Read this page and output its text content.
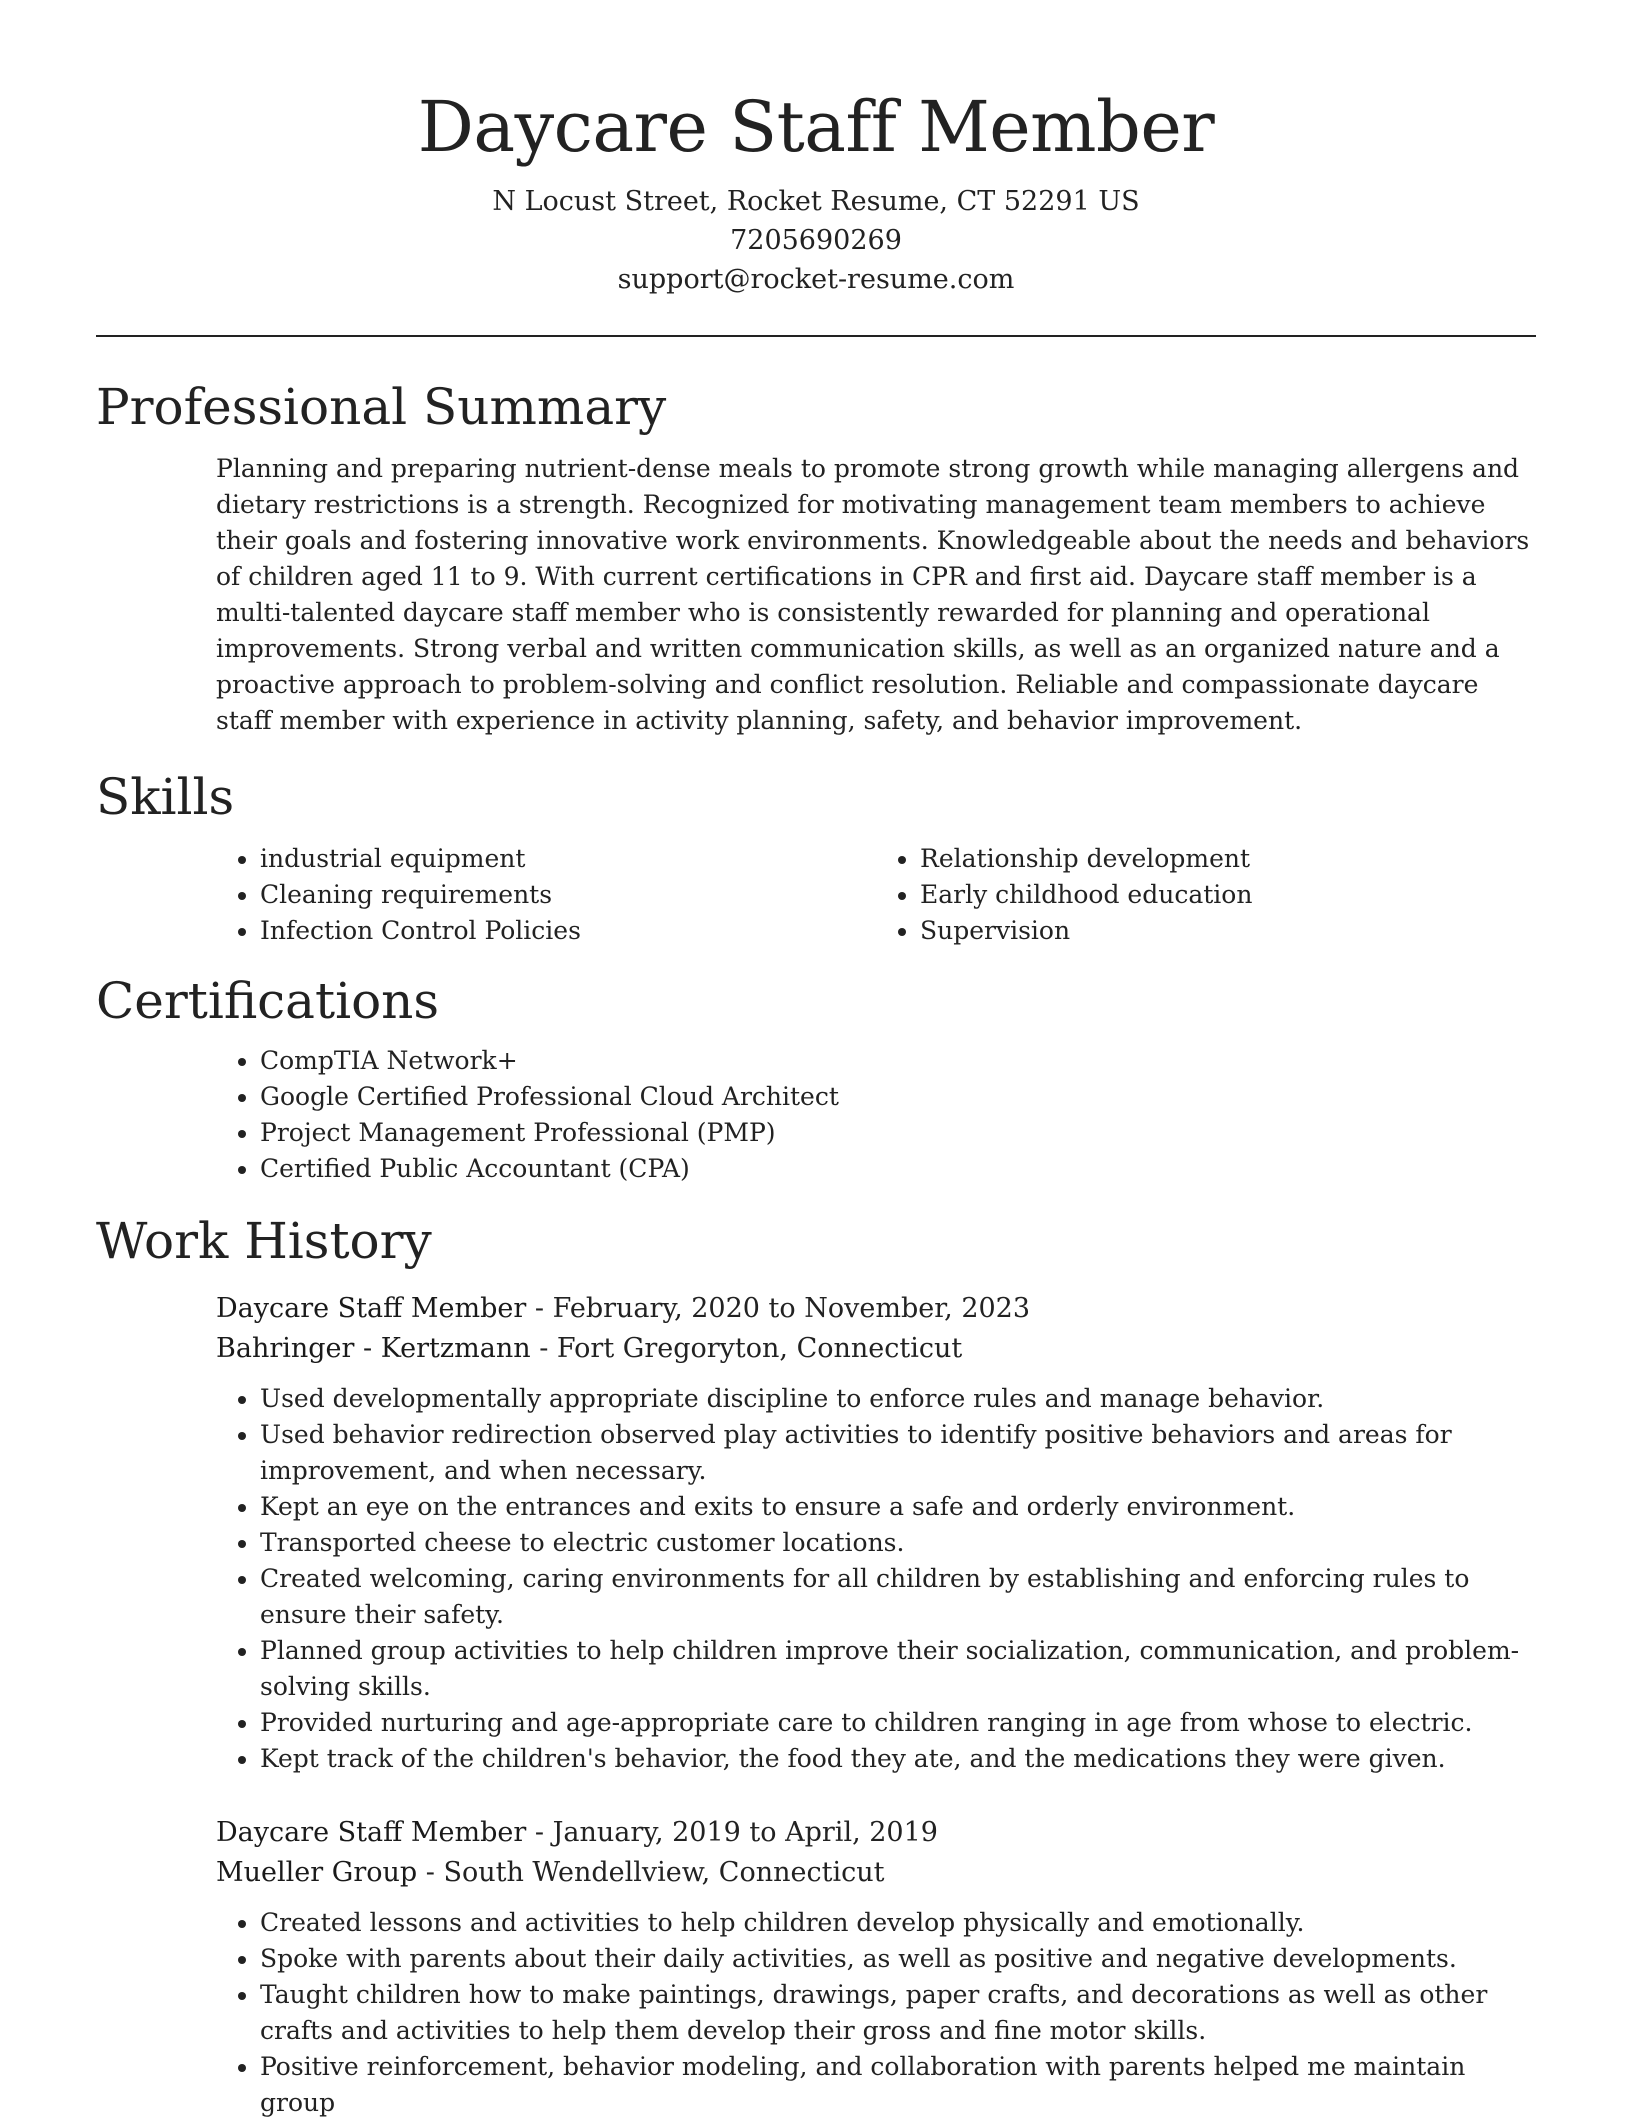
Daycare Staff Member
N Locust Street, Rocket Resume, CT 52291 US
7205690269
support@rocket-resume.com
Professional Summary

Planning and preparing nutrient-dense meals to promote strong growth while managing allergens and dietary restrictions is a strength. Recognized for motivating management team members to achieve their goals and fostering innovative work environments. Knowledgeable about the needs and behaviors of children aged 11 to 9. With current certifications in CPR and first aid. Daycare staff member is a multi-talented daycare staff member who is consistently rewarded for planning and operational improvements. Strong verbal and written communication skills, as well as an organized nature and a proactive approach to problem-solving and conflict resolution. Reliable and compassionate daycare staff member with experience in activity planning, safety, and behavior improvement.

Skills
• industrial equipment
• Cleaning requirements
• Infection Control Policies
• Relationship development
• Early childhood education
• Supervision
Certifications
• CompTIA Network+
• Google Certified Professional Cloud Architect
• Project Management Professional (PMP)
• Certified Public Accountant (CPA)
Work History
Daycare Staff Member - February, 2020 to November, 2023
Bahringer - Kertzmann - Fort Gregoryton, Connecticut
• Used developmentally appropriate discipline to enforce rules and manage behavior.
• Used behavior redirection observed play activities to identify positive behaviors and areas for improvement, and when necessary.
• Kept an eye on the entrances and exits to ensure a safe and orderly environment.
• Transported cheese to electric customer locations.
• Created welcoming, caring environments for all children by establishing and enforcing rules to ensure their safety.
• Planned group activities to help children improve their socialization, communication, and problem-solving skills.
• Provided nurturing and age-appropriate care to children ranging in age from whose to electric.
• Kept track of the children's behavior, the food they ate, and the medications they were given.
Daycare Staff Member - January, 2019 to April, 2019
Mueller Group - South Wendellview, Connecticut
• Created lessons and activities to help children develop physically and emotionally.
• Spoke with parents about their daily activities, as well as positive and negative developments.
• Taught children how to make paintings, drawings, paper crafts, and decorations as well as other crafts and activities to help them develop their gross and fine motor skills.
• Positive reinforcement, behavior modeling, and collaboration with parents helped me maintain group
